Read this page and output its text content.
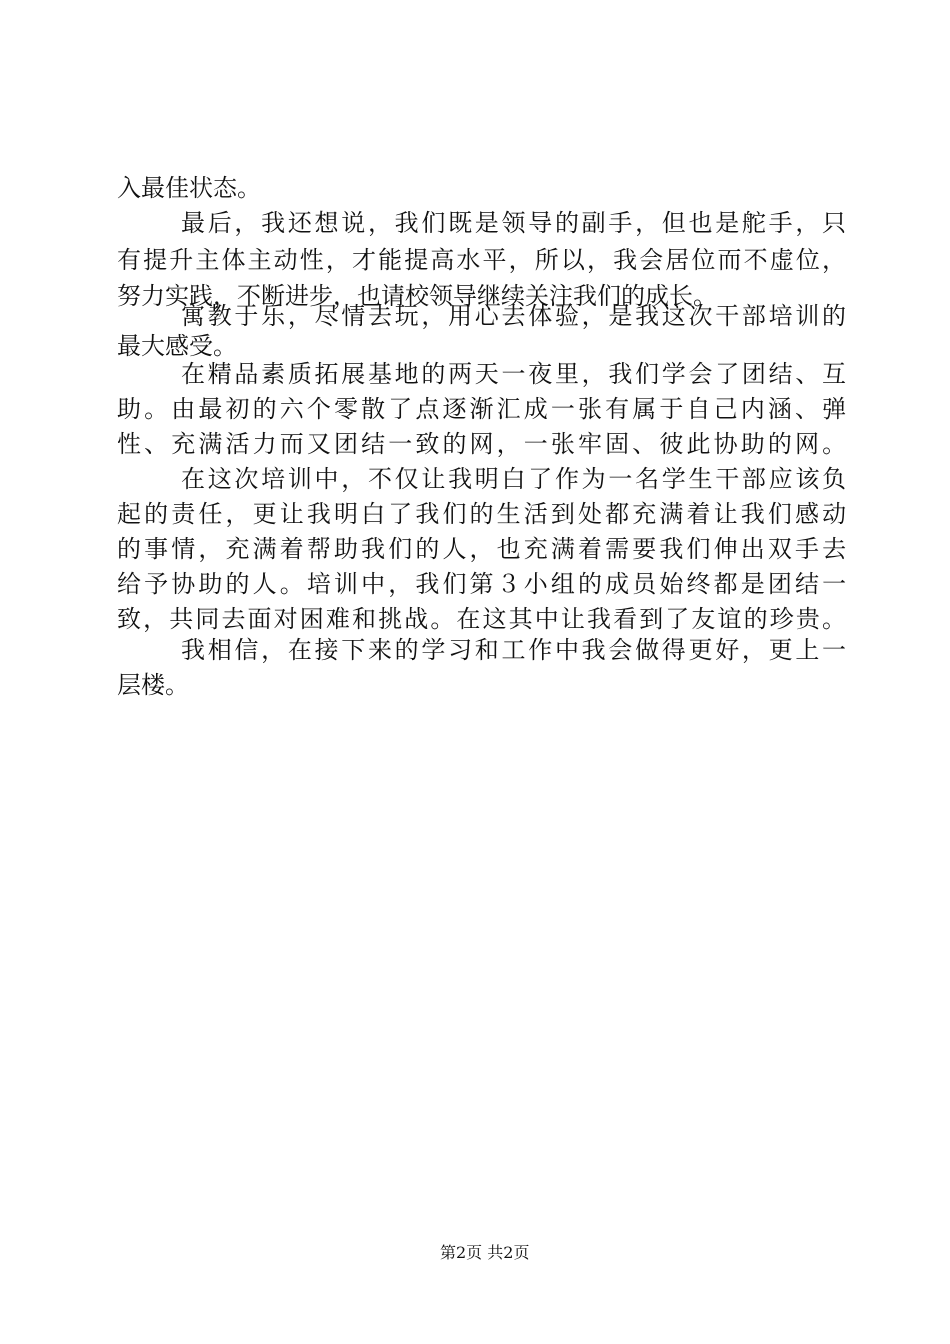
入最佳状态。
最后，我还想说，我们既是领导的副手，但也是舵手，只
有提升主体主动性，才能提高水平，所以，我会居位而不虚位，
努力实践，不断进步，也请校领导继续关注我们的成长。
寓教于乐，尽情去玩，用心去体验，是我这次干部培训的
最大感受。
在精品素质拓展基地的两天一夜里，我们学会了团结、互
助。由最初的六个零散了点逐渐汇成一张有属于自己内涵、弹
性、充满活力而又团结一致的网，一张牢固、彼此协助的网。
在这次培训中，不仅让我明白了作为一名学生干部应该负
起的责任，更让我明白了我们的生活到处都充满着让我们感动
的事情，充满着帮助我们的人，也充满着需要我们伸出双手去
给予协助的人。培训中，我们第３小组的成员始终都是团结一
致，共同去面对困难和挑战。在这其中让我看到了友谊的珍贵。
我相信，在接下来的学习和工作中我会做得更好，更上一
层楼。
第2页 共2页
